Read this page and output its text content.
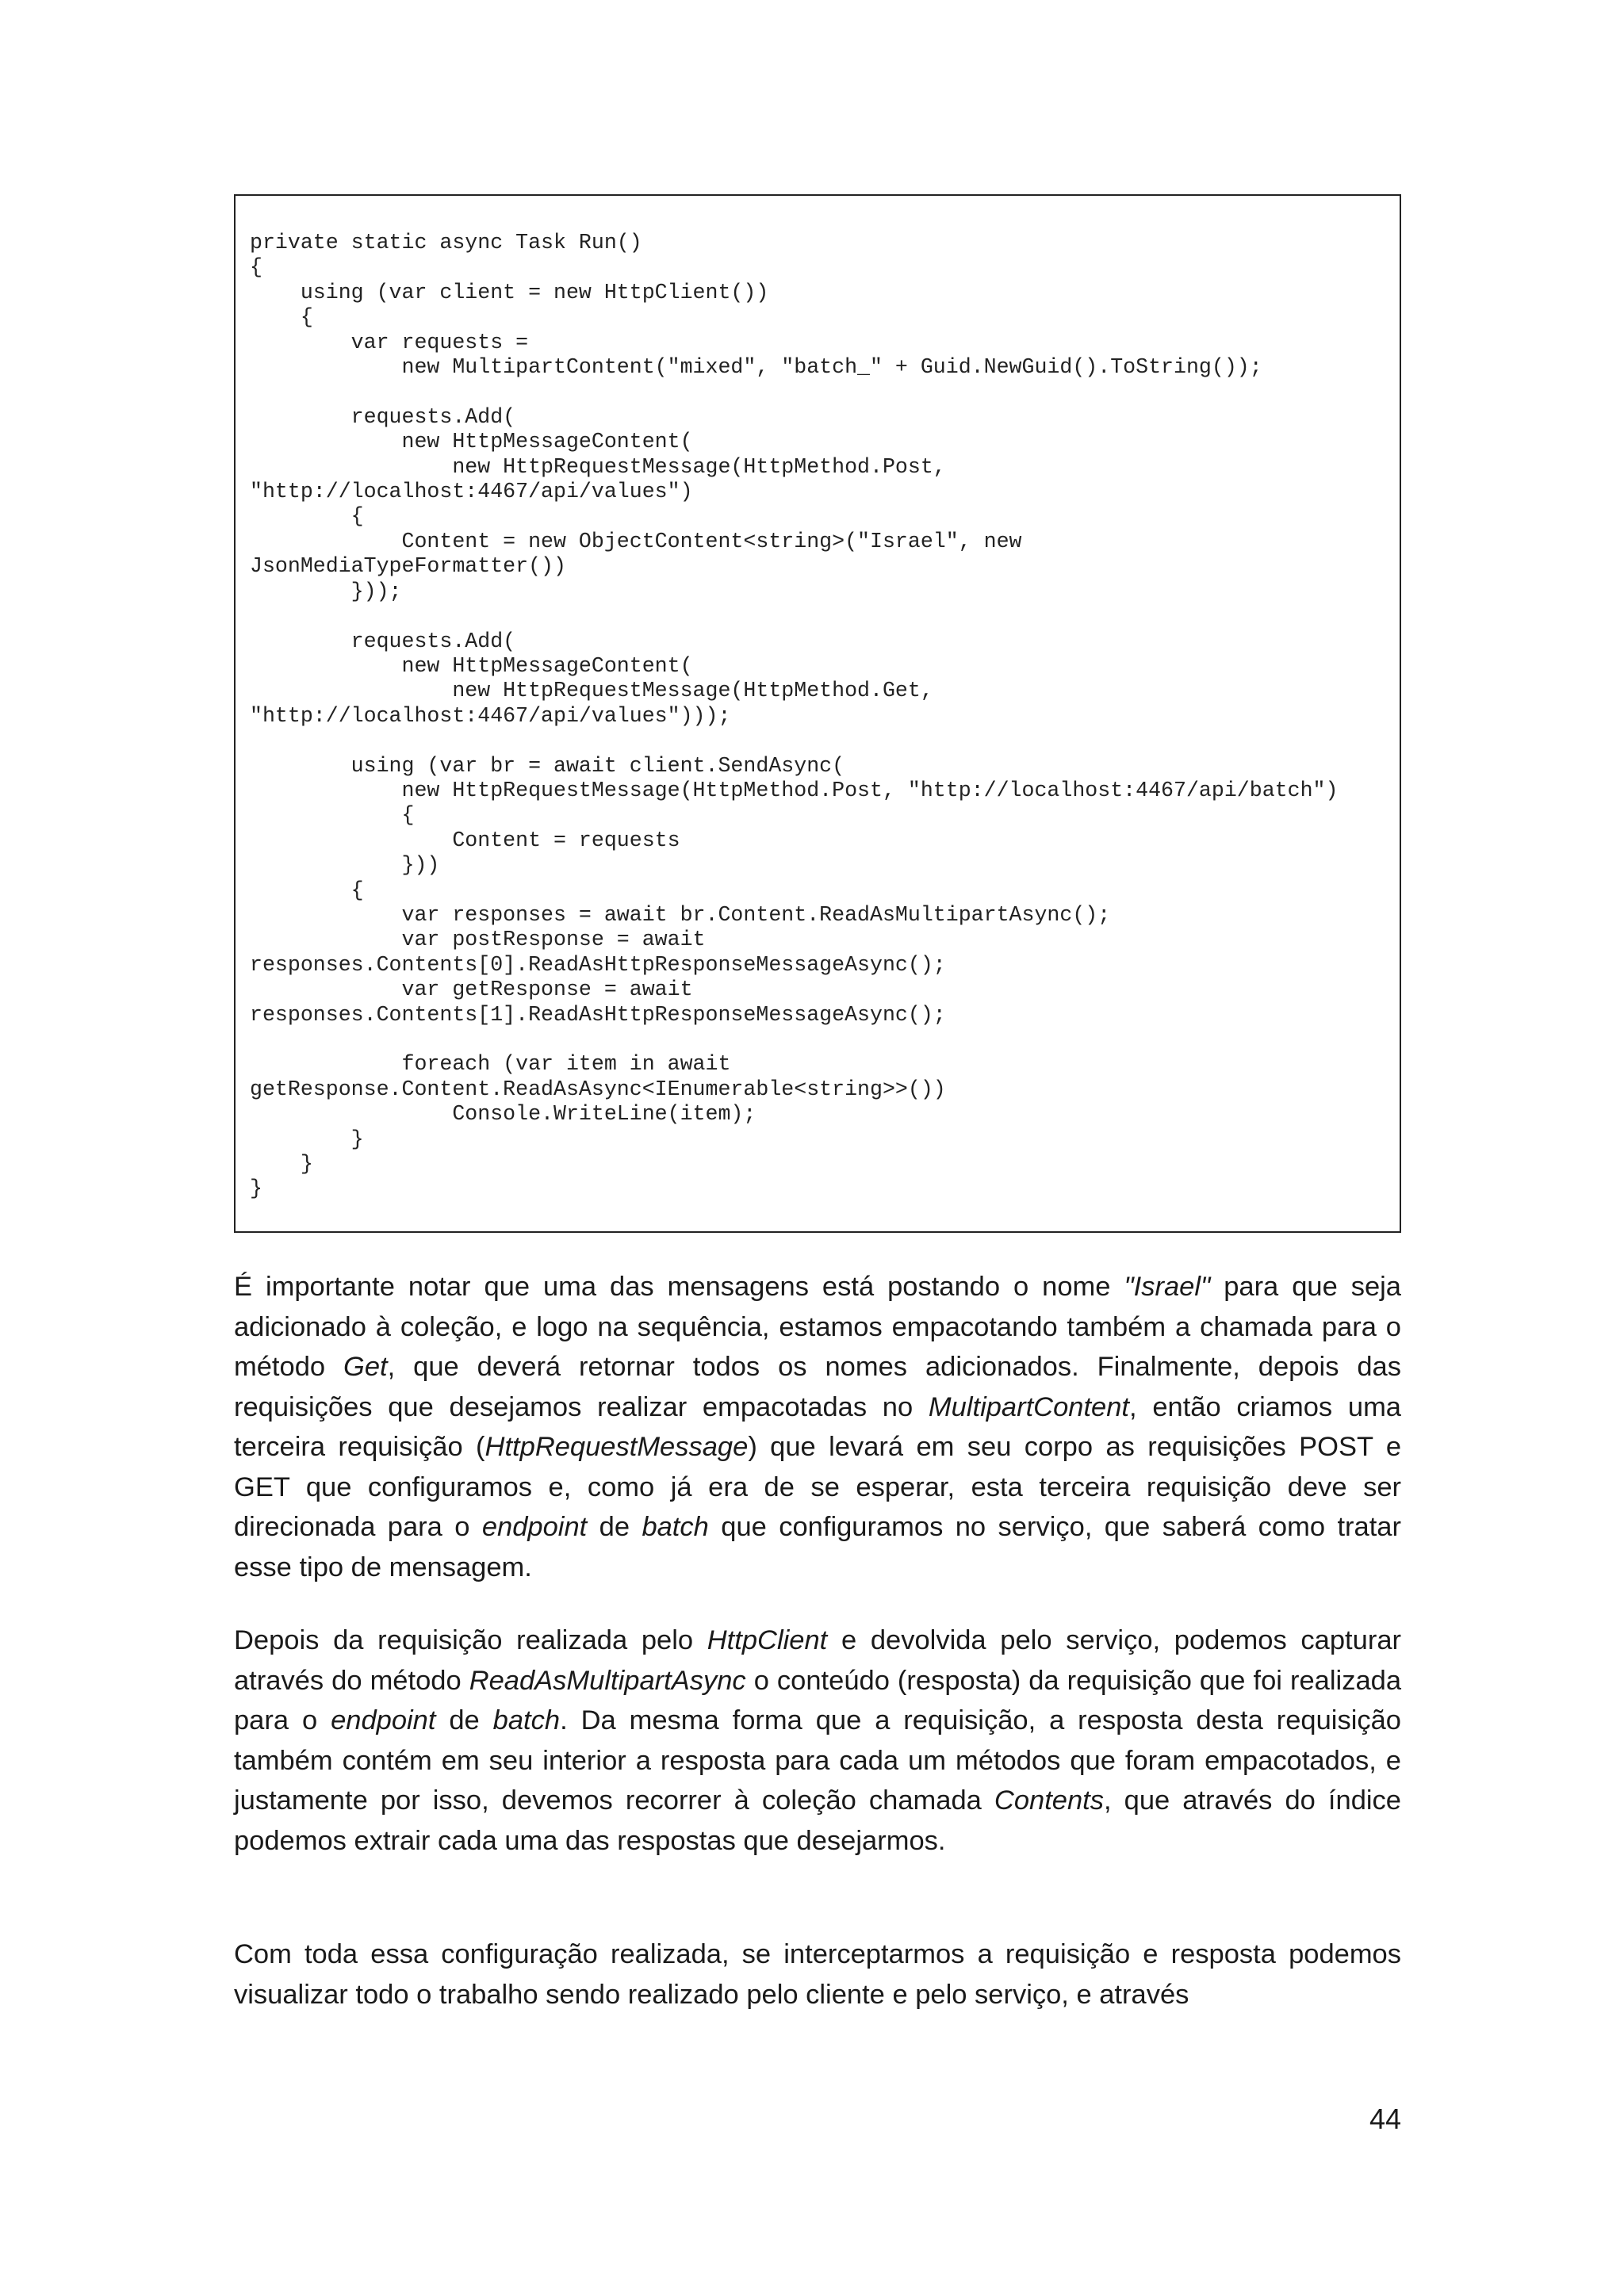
private static async Task Run()
{
using (var client = new HttpClient())
{
var requests =
new MultipartContent("mixed", "batch_" + Guid.NewGuid().ToString());

requests.Add(
new HttpMessageContent(
new HttpRequestMessage(HttpMethod.Post,
"http://localhost:4467/api/values")
{
Content = new ObjectContent<string>("Israel", new
JsonMediaTypeFormatter())
}));

requests.Add(
new HttpMessageContent(
new HttpRequestMessage(HttpMethod.Get,
"http://localhost:4467/api/values")));

using (var br = await client.SendAsync(
new HttpRequestMessage(HttpMethod.Post, "http://localhost:4467/api/batch")
{
Content = requests
}))
{
var responses = await br.Content.ReadAsMultipartAsync();
var postResponse = await
responses.Contents[0].ReadAsHttpResponseMessageAsync();
var getResponse = await
responses.Contents[1].ReadAsHttpResponseMessageAsync();

foreach (var item in await
getResponse.Content.ReadAsAsync<IEnumerable<string>>())
Console.WriteLine(item);
}
}
}

É importante notar que uma das mensagens está postando o nome "Israel" para que seja adicionado à coleção, e logo na sequência, estamos empacotando também a chamada para o método Get, que deverá retornar todos os nomes adicionados. Finalmente, depois das requisições que desejamos realizar empacotadas no MultipartContent, então criamos uma terceira requisição (HttpRequestMessage) que levará em seu corpo as requisições POST e GET que configuramos e, como já era de se esperar, esta terceira requisição deve ser direcionada para o endpoint de batch que configuramos no serviço, que saberá como tratar esse tipo de mensagem.

Depois da requisição realizada pelo HttpClient e devolvida pelo serviço, podemos capturar através do método ReadAsMultipartAsync o conteúdo (resposta) da requisição que foi realizada para o endpoint de batch. Da mesma forma que a requisição, a resposta desta requisição também contém em seu interior a resposta para cada um métodos que foram empacotados, e justamente por isso, devemos recorrer à coleção chamada Contents, que através do índice podemos extrair cada uma das respostas que desejarmos.

Com toda essa configuração realizada, se interceptarmos a requisição e resposta podemos visualizar todo o trabalho sendo realizado pelo cliente e pelo serviço, e através

44
